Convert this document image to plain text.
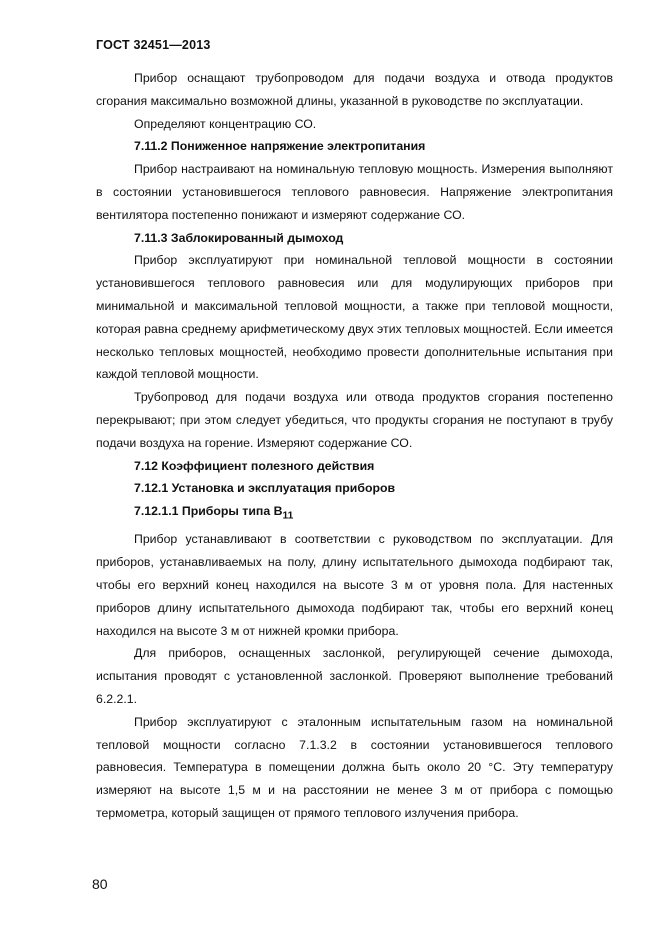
ГОСТ 32451—2013

Прибор оснащают трубопроводом для подачи воздуха и отвода продуктов сгорания максимально возможной длины, указанной в руководстве по эксплуатации.

Определяют концентрацию СО.

7.11.2 Пониженное напряжение электропитания

Прибор настраивают на номинальную тепловую мощность. Измерения выполняют в состоянии установившегося теплового равновесия. Напряжение электропитания вентилятора постепенно понижают и измеряют содержание СО.

7.11.3 Заблокированный дымоход

Прибор эксплуатируют при номинальной тепловой мощности в состоянии установившегося теплового равновесия или для модулирующих приборов при минимальной и максимальной тепловой мощности, а также при тепловой мощности, которая равна среднему арифметическому двух этих тепловых мощностей. Если имеется несколько тепловых мощностей, необходимо провести дополнительные испытания при каждой тепловой мощности.

Трубопровод для подачи воздуха или отвода продуктов сгорания постепенно перекрывают; при этом следует убедиться, что продукты сгорания не поступают в трубу подачи воздуха на горение. Измеряют содержание СО.

7.12 Коэффициент полезного действия

7.12.1 Установка и эксплуатация приборов

7.12.1.1 Приборы типа $В_{11}$

Прибор устанавливают в соответствии с руководством по эксплуатации. Для приборов, устанавливаемых на полу, длину испытательного дымохода подбирают так, чтобы его верхний конец находился на высоте 3 м от уровня пола. Для настенных приборов длину испытательного дымохода подбирают так, чтобы его верхний конец находился на высоте 3 м от нижней кромки прибора.

Для приборов, оснащенных заслонкой, регулирующей сечение дымохода, испытания проводят с установленной заслонкой. Проверяют выполнение требований 6.2.2.1.

Прибор эксплуатируют с эталонным испытательным газом на номинальной тепловой мощности согласно 7.1.3.2 в состоянии установившегося теплового равновесия. Температура в помещении должна быть около 20 °С. Эту температуру измеряют на высоте 1,5 м и на расстоянии не менее 3 м от прибора с помощью термометра, который защищен от прямого теплового излучения прибора.

80
